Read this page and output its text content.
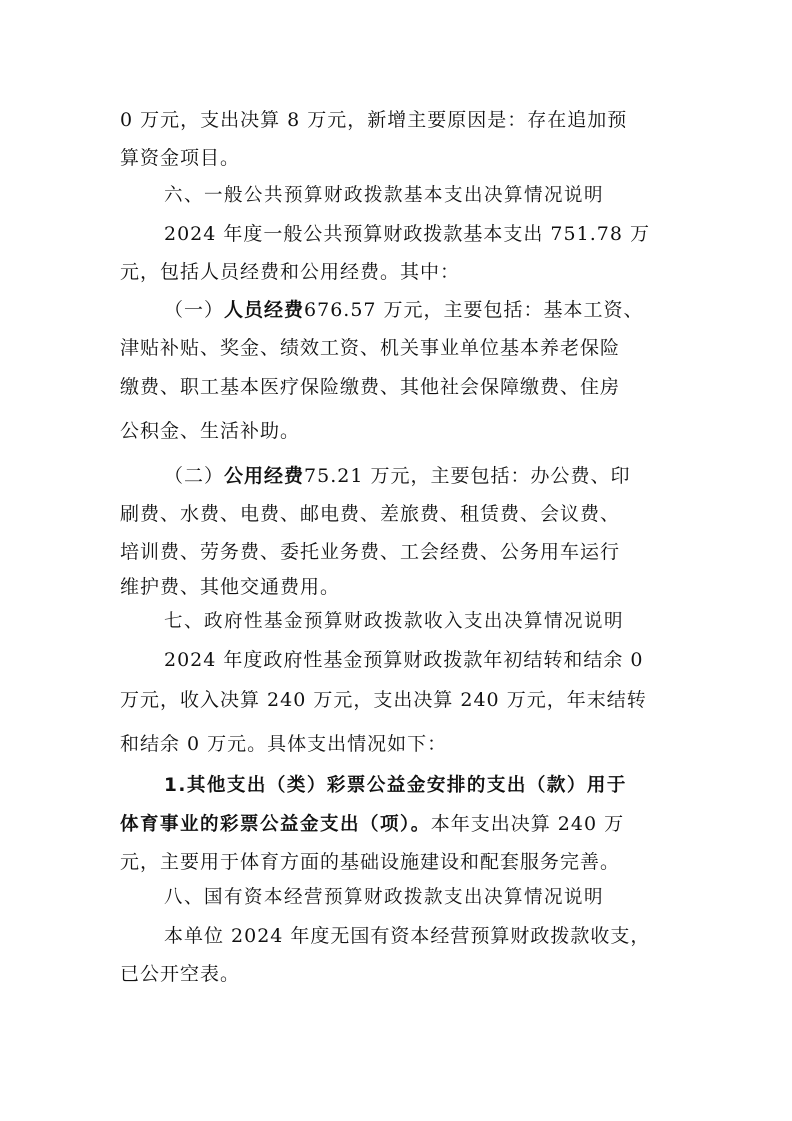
0 万元，支出决算 8 万元，新增主要原因是：存在追加预
算资金项目。
六、一般公共预算财政拨款基本支出决算情况说明
2024 年度一般公共预算财政拨款基本支出 751.78 万
元，包括人员经费和公用经费。其中：
（一）人员经费676.57 万元，主要包括：基本工资、
津贴补贴、奖金、绩效工资、机关事业单位基本养老保险
缴费、职工基本医疗保险缴费、其他社会保障缴费、住房
公积金、生活补助。
（二）公用经费75.21 万元，主要包括：办公费、印
刷费、水费、电费、邮电费、差旅费、租赁费、会议费、
培训费、劳务费、委托业务费、工会经费、公务用车运行
维护费、其他交通费用。
七、政府性基金预算财政拨款收入支出决算情况说明
2024 年度政府性基金预算财政拨款年初结转和结余 0
万元，收入决算 240 万元，支出决算 240 万元，年末结转
和结余 0 万元。具体支出情况如下：
1.其他支出（类）彩票公益金安排的支出（款）用于
体育事业的彩票公益金支出（项）。本年支出决算 240 万
元，主要用于体育方面的基础设施建设和配套服务完善。
八、国有资本经营预算财政拨款支出决算情况说明
本单位 2024 年度无国有资本经营预算财政拨款收支，
已公开空表。
